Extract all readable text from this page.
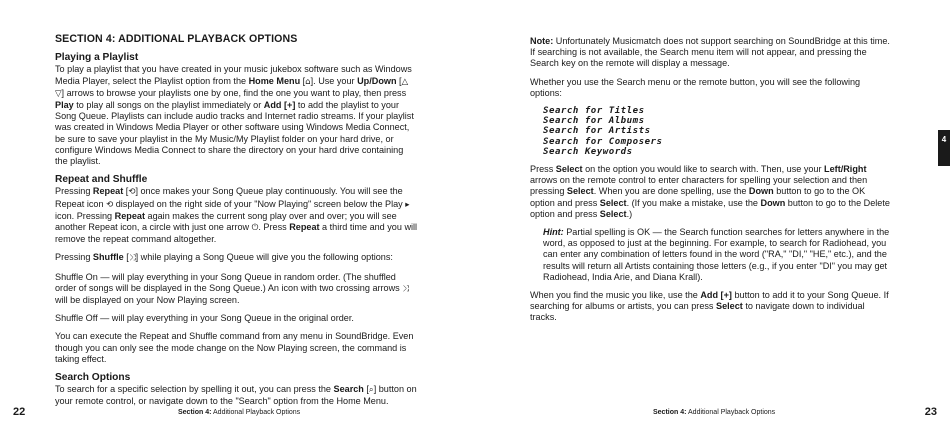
SECTION 4: ADDITIONAL PLAYBACK OPTIONS
Playing a Playlist

To play a playlist that you have created in your music jukebox software such as Windows Media Player, select the Playlist option from the Home Menu [⌂]. Use your Up/Down [△ ▽] arrows to browse your playlists one by one, find the one you want to play, then press Play to play all songs on the playlist immediately or Add [+] to add the playlist to your Song Queue. Playlists can include audio tracks and Internet radio streams. If your playlist was created in Windows Media Player or other software using Windows Media Connect, be sure to save your playlist in the My Music/My Playlist folder on your hard drive, or configure Windows Media Connect to share the directory on your hard drive containing the playlist.

Repeat and Shuffle

Pressing Repeat [⟲] once makes your Song Queue play continuously. You will see the Repeat icon ⟲ displayed on the right side of your "Now Playing" screen below the Play ▸ icon. Pressing Repeat again makes the current song play over and over; you will see another Repeat icon, a circle with just one arrow ⏻. Press Repeat a third time and you will remove the repeat command altogether.

Pressing Shuffle [⤨] while playing a Song Queue will give you the following options:

Shuffle On — will play everything in your Song Queue in random order. (The shuffled order of songs will be displayed in the Song Queue.) An icon with two crossing arrows ⤨ will be displayed on your Now Playing screen.

Shuffle Off — will play everything in your Song Queue in the original order.

You can execute the Repeat and Shuffle command from any menu in SoundBridge. Even though you can only see the mode change on the Now Playing screen, the command is taking effect.

Search Options

To search for a specific selection by spelling it out, you can press the Search [⌕] button on your remote control, or navigate down to the "Search" option from the Home Menu.

22	Section 4: Additional Playback Options

Note: Unfortunately Musicmatch does not support searching on SoundBridge at this time. If searching is not available, the Search menu item will not appear, and pressing the Search key on the remote will display a message.

Whether you use the Search menu or the remote button, you will see the following options:

Search for Titles
Search for Albums
Search for Artists
Search for Composers
Search Keywords

Press Select on the option you would like to search with. Then, use your Left/Right arrows on the remote control to enter characters for spelling your selection and then pressing Select. When you are done spelling, use the Down button to go to the OK option and press Select. (If you make a mistake, use the Down button to go to the Delete option and press Select.)

Hint: Partial spelling is OK — the Search function searches for letters anywhere in the word, as opposed to just at the beginning. For example, to search for Radiohead, you can enter any combination of letters found in the word ("RA," "DI," "HE," etc.), and the results will return all Artists containing those letters (e.g., if you enter "DI" you may get Radiohead, India Arie, and Diana Krall).

When you find the music you like, use the Add [+] button to add it to your Song Queue. If searching for albums or artists, you can press Select to navigate down to individual tracks.

Section 4: Additional Playback Options	23
4
